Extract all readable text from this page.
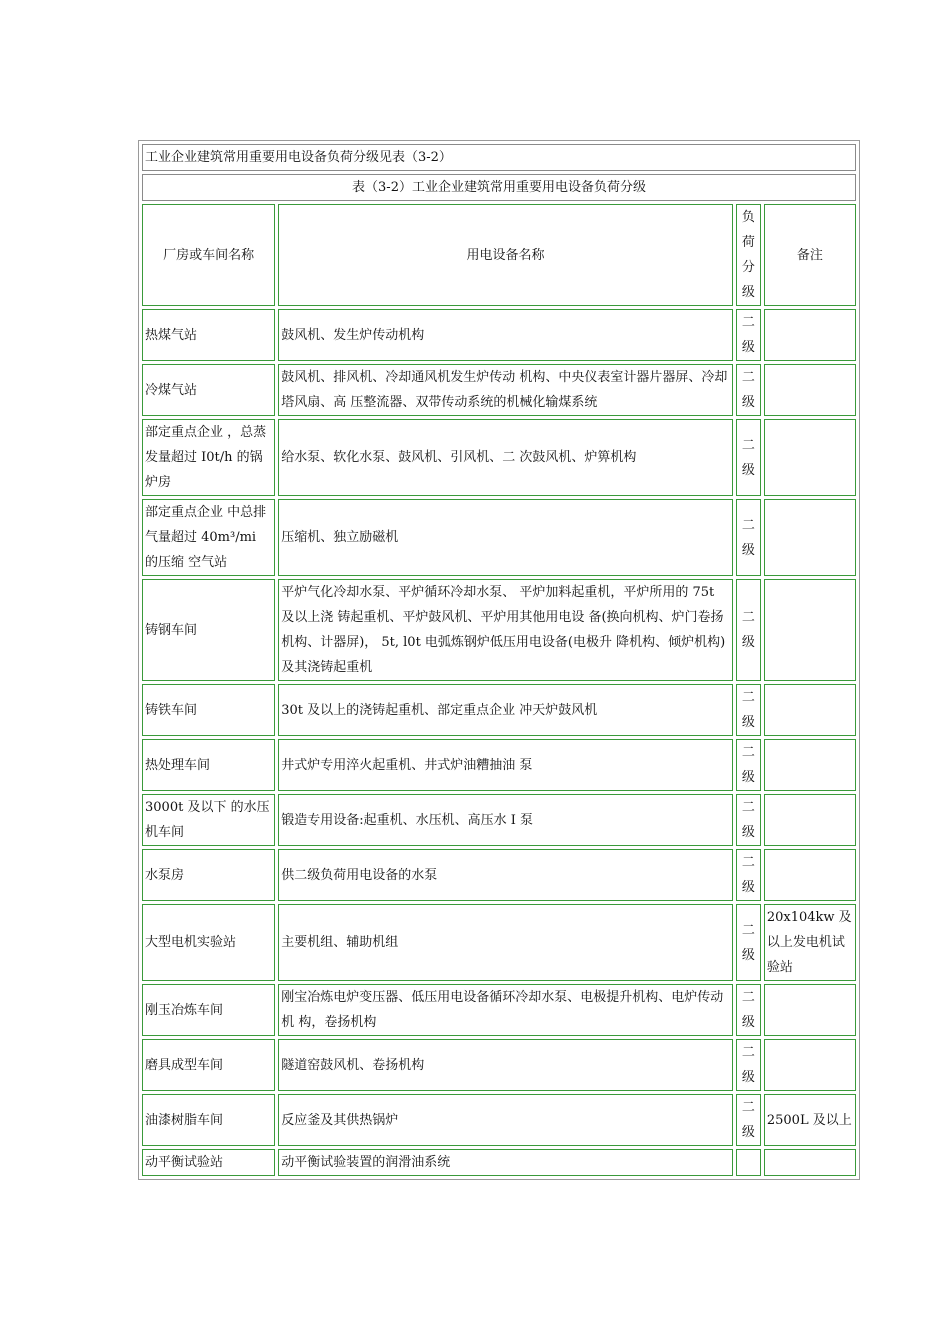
工业企业建筑常用重要用电设备负荷分级见表（3-2）			
表（3-2）工业企业建筑常用重要用电设备负荷分级			
厂房或车间名称	用电设备名称	负
荷
分
级	备注
热煤气站	鼓风机、发生炉传动机构	二
级	

冷煤气站	鼓风机、排风机、冷却通风机发生炉传动 机构、中央仪表室计器片器屏、冷却塔风扇、高 压整流器、双带传动系统的机械化输煤系统	二
级	

部定重点企业 ，总蒸发量超过 I0t/h 的锅炉房	给水泵、软化水泵、鼓风机、引风机、二 次鼓风机、炉箅机构	二
级	

部定重点企业 中总排气量超过 40m³/mi 的压缩 空气站	压缩机、独立励磁机	二
级	

铸钢车间	平炉气化冷却水泵、平炉循环冷却水泵、 平炉加料起重机，平炉所用的 75t 及以上浇 铸起重机、平炉鼓风机、平炉用其他用电设 备(换向机构、炉门卷扬机构、计器屏)， 5t, l0t 电弧炼钢炉低压用电设备(电极升 降机构、倾炉机构)及其浇铸起重机	二
级	

铸铁车间	30t 及以上的浇铸起重机、部定重点企业 冲天炉鼓风机	二
级	

热处理车间	井式炉专用淬火起重机、井式炉油糟抽油 泵	二
级	

3000t 及以下 的水压机车间	锻造专用设备:起重机、水压机、高压水 I 泵	二
级	

水泵房	供二级负荷用电设备的水泵	二
级	

大型电机实验站	主要机组、辅助机组	二
级	20x104kw 及以上发电机试验站
刚玉冶炼车间	刚宝冶炼电炉变压器、低压用电设备循环冷却水泵、电极提升机构、电炉传动机 构，卷扬机构	二
级	

磨具成型车间	隧道窑鼓风机、卷扬机构	二
级	

油漆树脂车间	反应釜及其供热锅炉	二
级	2500L 及以上
动平衡试验站	动平衡试验装置的润滑油系统	
